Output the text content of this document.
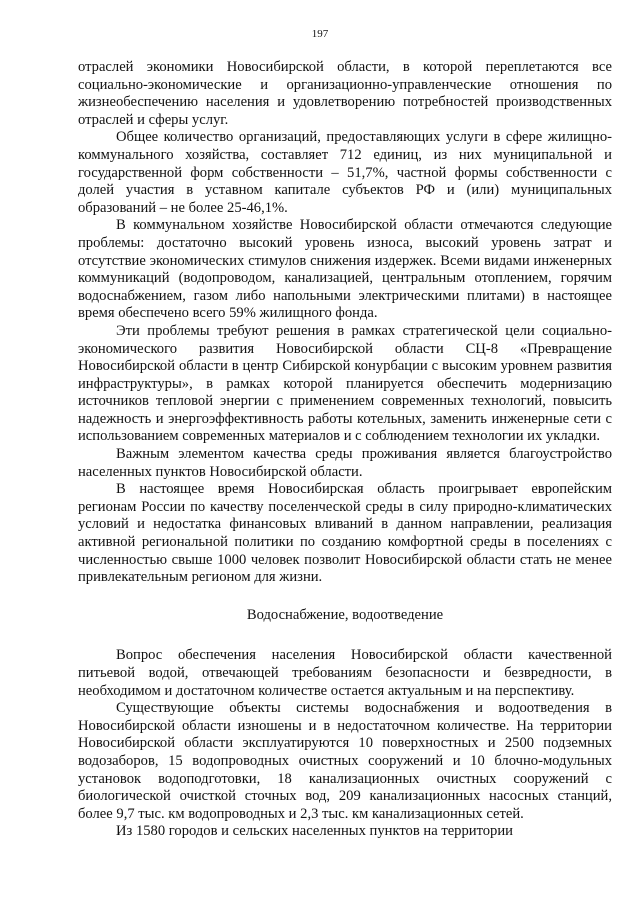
197

отраслей экономики Новосибирской области, в которой переплетаются все социально-экономические и организационно-управленческие отношения по жизнеобеспечению населения и удовлетворению потребностей производственных отраслей и сферы услуг.

Общее количество организаций, предоставляющих услуги в сфере жилищно-коммунального хозяйства, составляет 712 единиц, из них муниципальной и государственной форм собственности – 51,7%, частной формы собственности с долей участия в уставном капитале субъектов РФ и (или) муниципальных образований – не более 25-46,1%.

В коммунальном хозяйстве Новосибирской области отмечаются следующие проблемы: достаточно высокий уровень износа, высокий уровень затрат и отсутствие экономических стимулов снижения издержек. Всеми видами инженерных коммуникаций (водопроводом, канализацией, центральным отоплением, горячим водоснабжением, газом либо напольными электрическими плитами) в настоящее время обеспечено всего 59% жилищного фонда.

Эти проблемы требуют решения в рамках стратегической цели социально-экономического развития Новосибирской области СЦ-8 «Превращение Новосибирской области в центр Сибирской конурбации с высоким уровнем развития инфраструктуры», в рамках которой планируется обеспечить модернизацию источников тепловой энергии с применением современных технологий, повысить надежность и энергоэффективность работы котельных, заменить инженерные сети с использованием современных материалов и с соблюдением технологии их укладки.

Важным элементом качества среды проживания является благоустройство населенных пунктов Новосибирской области.

В настоящее время Новосибирская область проигрывает европейским регионам России по качеству поселенческой среды в силу природно-климатических условий и недостатка финансовых вливаний в данном направлении, реализация активной региональной политики по созданию комфортной среды в поселениях с численностью свыше 1000 человек позволит Новосибирской области стать не менее привлекательным регионом для жизни.

Водоснабжение, водоотведение

Вопрос обеспечения населения Новосибирской области качественной питьевой водой, отвечающей требованиям безопасности и безвредности, в необходимом и достаточном количестве остается актуальным и на перспективу.

Существующие объекты системы водоснабжения и водоотведения в Новосибирской области изношены и в недостаточном количестве. На территории Новосибирской области эксплуатируются 10 поверхностных и 2500 подземных водозаборов, 15 водопроводных очистных сооружений и 10 блочно-модульных установок водоподготовки, 18 канализационных очистных сооружений с биологической очисткой сточных вод, 209 канализационных насосных станций, более 9,7 тыс. км водопроводных и 2,3 тыс. км канализационных сетей.

Из 1580 городов и сельских населенных пунктов на территории
